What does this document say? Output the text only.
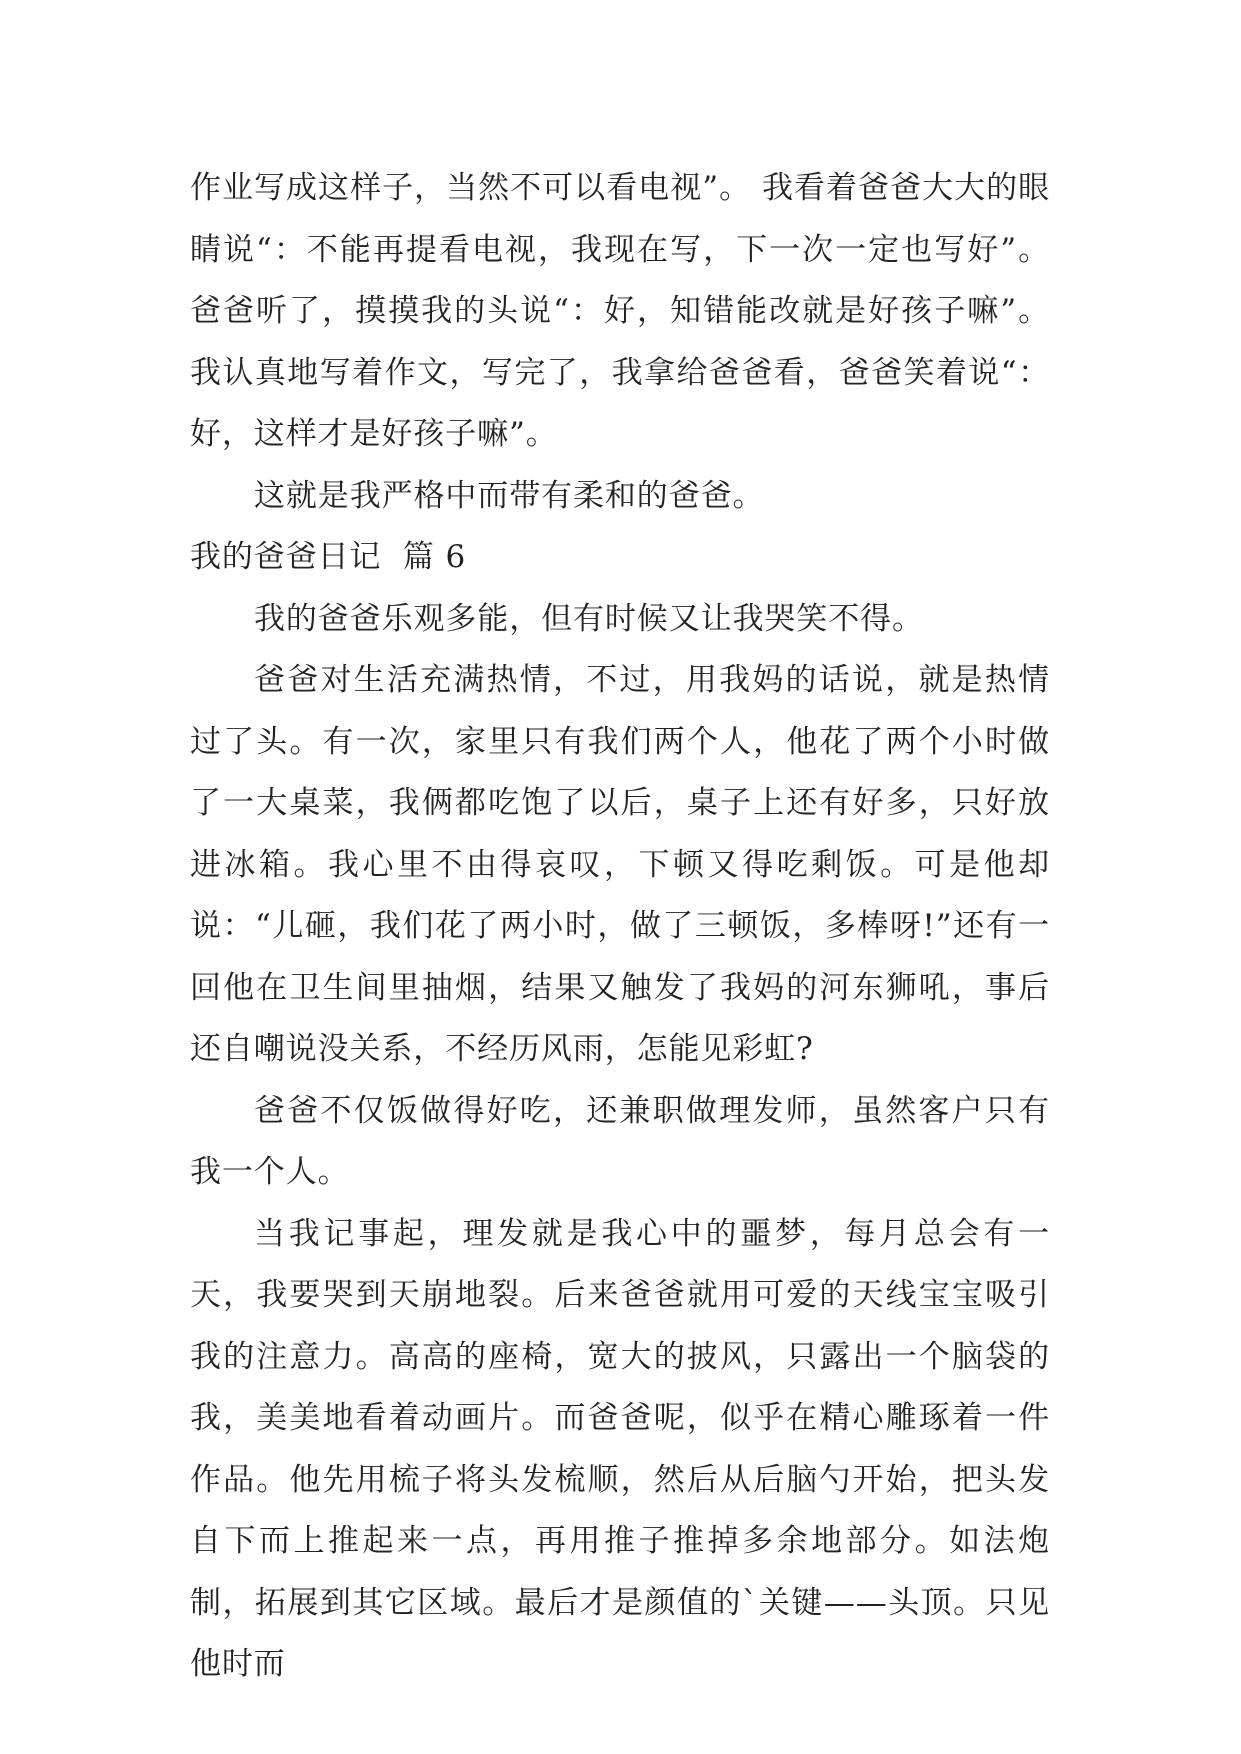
作业写成这样子，当然不可以看电视”。 我看着爸爸大大的眼睛说“：不能再提看电视，我现在写，下一次一定也写好”。爸爸听了，摸摸我的头说“：好，知错能改就是好孩子嘛”。我认真地写着作文，写完了，我拿给爸爸看，爸爸笑着说“：好，这样才是好孩子嘛”。

这就是我严格中而带有柔和的爸爸。

我的爸爸日记  篇 6

我的爸爸乐观多能，但有时候又让我哭笑不得。

爸爸对生活充满热情，不过，用我妈的话说，就是热情过了头。有一次，家里只有我们两个人，他花了两个小时做了一大桌菜，我俩都吃饱了以后，桌子上还有好多，只好放进冰箱。我心里不由得哀叹，下顿又得吃剩饭。可是他却说：“儿砸，我们花了两小时，做了三顿饭，多棒呀!”还有一回他在卫生间里抽烟，结果又触发了我妈的河东狮吼，事后还自嘲说没关系，不经历风雨，怎能见彩虹?

爸爸不仅饭做得好吃，还兼职做理发师，虽然客户只有我一个人。

当我记事起，理发就是我心中的噩梦，每月总会有一天，我要哭到天崩地裂。后来爸爸就用可爱的天线宝宝吸引我的注意力。高高的座椅，宽大的披风，只露出一个脑袋的我，美美地看着动画片。而爸爸呢，似乎在精心雕琢着一件作品。他先用梳子将头发梳顺，然后从后脑勺开始，把头发自下而上推起来一点，再用推子推掉多余地部分。如法炮制，拓展到其它区域。最后才是颜值的`关键——头顶。只见他时而
